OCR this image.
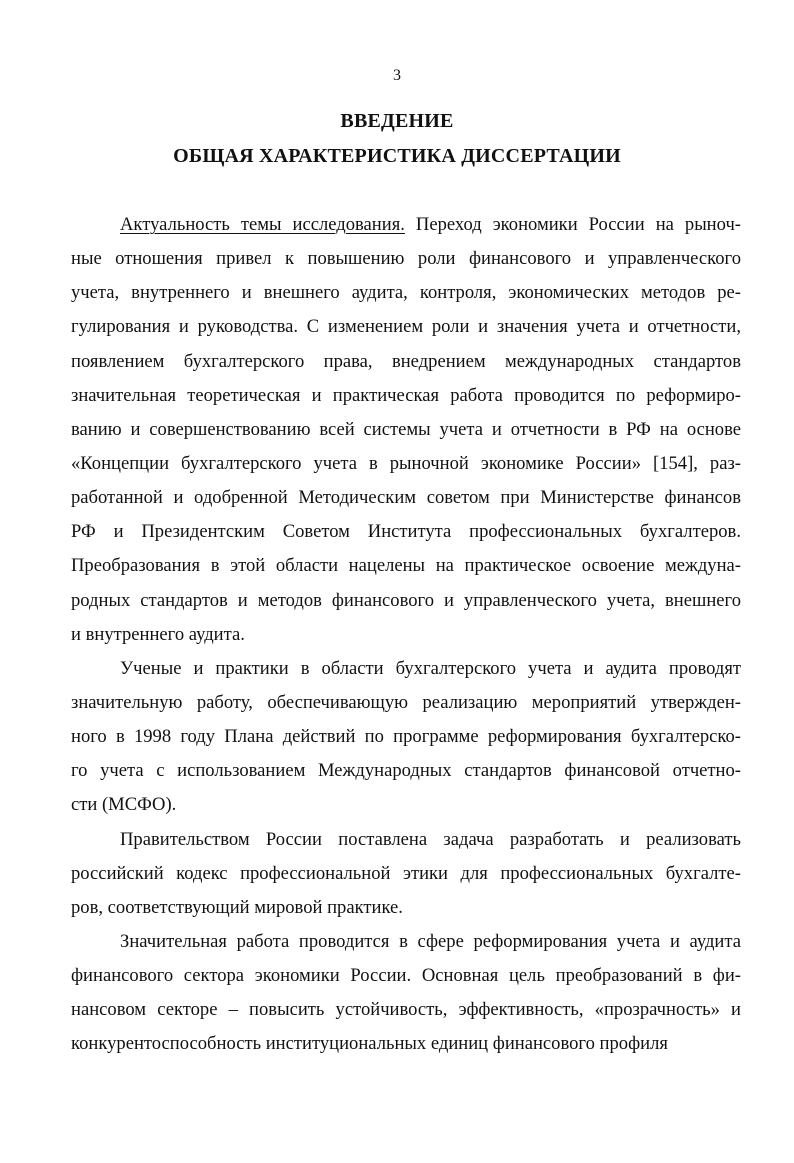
3
ВВЕДЕНИЕ
ОБЩАЯ ХАРАКТЕРИСТИКА ДИССЕРТАЦИИ
Актуальность темы исследования. Переход экономики России на рыноч-
ные отношения привел к повышению роли финансового и управленческого
учета, внутреннего и внешнего аудита, контроля, экономических методов ре-
гулирования и руководства. С изменением роли и значения учета и отчетности,
появлением бухгалтерского права, внедрением международных стандартов
значительная теоретическая и практическая работа проводится по реформиро-
ванию и совершенствованию всей системы учета и отчетности в РФ на основе
«Концепции бухгалтерского учета в рыночной экономике России» [154], раз-
работанной и одобренной Методическим советом при Министерстве финансов
РФ и Президентским Советом Института профессиональных бухгалтеров.
Преобразования в этой области нацелены на практическое освоение междуна-
родных стандартов и методов финансового и управленческого учета, внешнего
и внутреннего аудита.
Ученые и практики в области бухгалтерского учета и аудита проводят
значительную работу, обеспечивающую реализацию мероприятий утвержден-
ного в 1998 году Плана действий по программе реформирования бухгалтерско-
го учета с использованием Международных стандартов финансовой отчетно-
сти (МСФО).
Правительством России поставлена задача разработать и реализовать
российский кодекс профессиональной этики для профессиональных бухгалте-
ров, соответствующий мировой практике.
Значительная работа проводится в сфере реформирования учета и аудита
финансового сектора экономики России. Основная цель преобразований в фи-
нансовом секторе – повысить устойчивость, эффективность, «прозрачность» и
конкурентоспособность институциональных единиц финансового профиля
